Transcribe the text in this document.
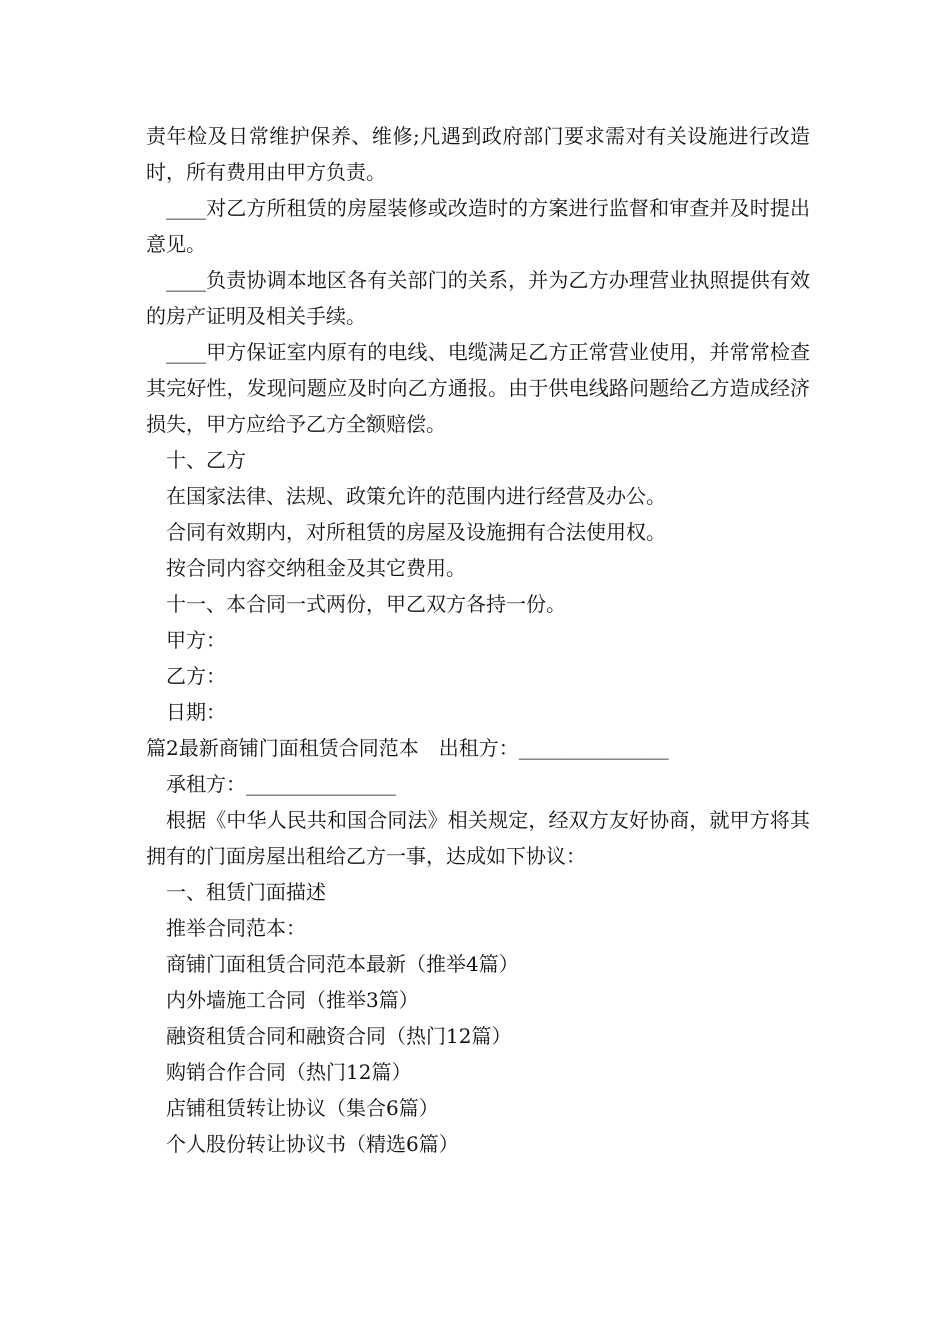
责年检及日常维护保养、维修;凡遇到政府部门要求需对有关设施进行改造时，所有费用由甲方负责。

____对乙方所租赁的房屋装修或改造时的方案进行监督和审查并及时提出意见。

____负责协调本地区各有关部门的关系，并为乙方办理营业执照提供有效的房产证明及相关手续。

____甲方保证室内原有的电线、电缆满足乙方正常营业使用，并常常检查其完好性，发现问题应及时向乙方通报。由于供电线路问题给乙方造成经济损失，甲方应给予乙方全额赔偿。

十、乙方

在国家法律、法规、政策允许的范围内进行经营及办公。

合同有效期内，对所租赁的房屋及设施拥有合法使用权。

按合同内容交纳租金及其它费用。

十一、本合同一式两份，甲乙双方各持一份。

甲方：

乙方：

日期：

篇2最新商铺门面租赁合同范本　出租方：_______________

承租方：_______________

根据《中华人民共和国合同法》相关规定，经双方友好协商，就甲方将其拥有的门面房屋出租给乙方一事，达成如下协议：

一、租赁门面描述

推举合同范本：

商铺门面租赁合同范本最新（推举4篇）

内外墙施工合同（推举3篇）

融资租赁合同和融资合同（热门12篇）

购销合作合同（热门12篇）

店铺租赁转让协议（集合6篇）

个人股份转让协议书（精选6篇）
